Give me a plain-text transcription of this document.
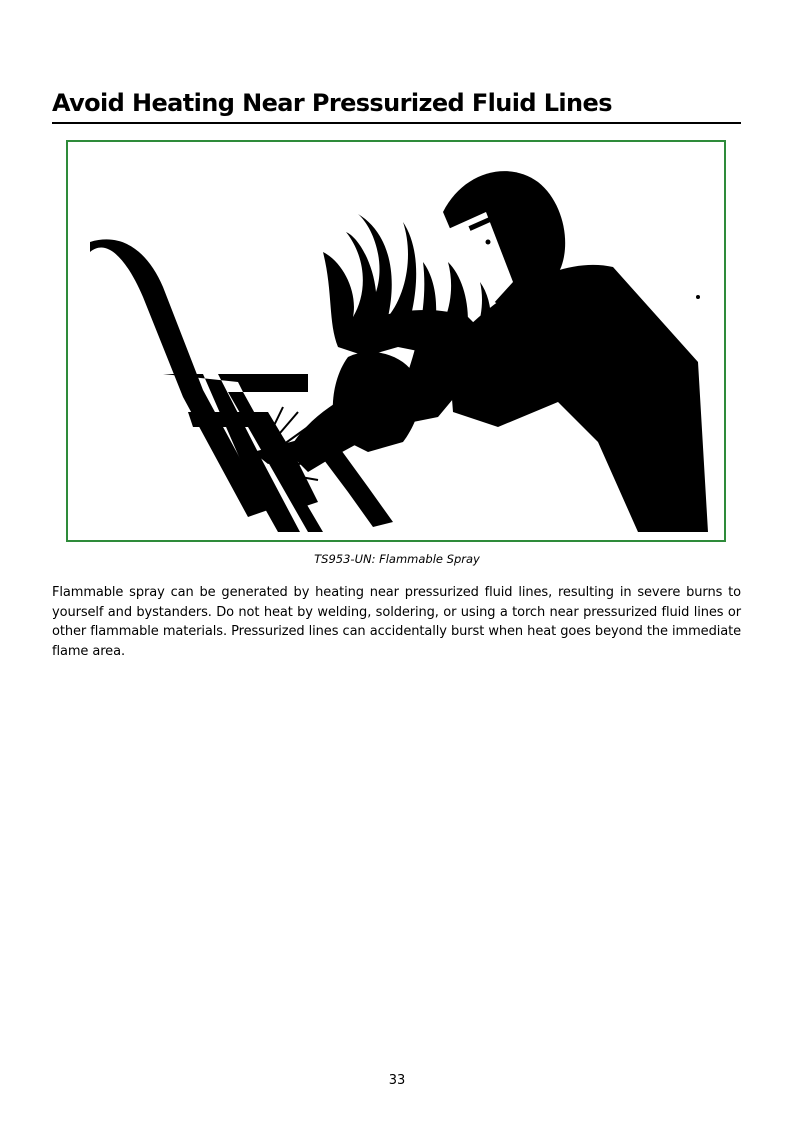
Avoid Heating Near Pressurized Fluid Lines
TS953-UN: Flammable Spray

Flammable spray can be generated by heating near pressurized fluid lines, resulting in severe burns to yourself and bystanders. Do not heat by welding, soldering, or using a torch near pressurized fluid lines or other flammable materials. Pressurized lines can accidentally burst when heat goes beyond the immediate flame area.

33
